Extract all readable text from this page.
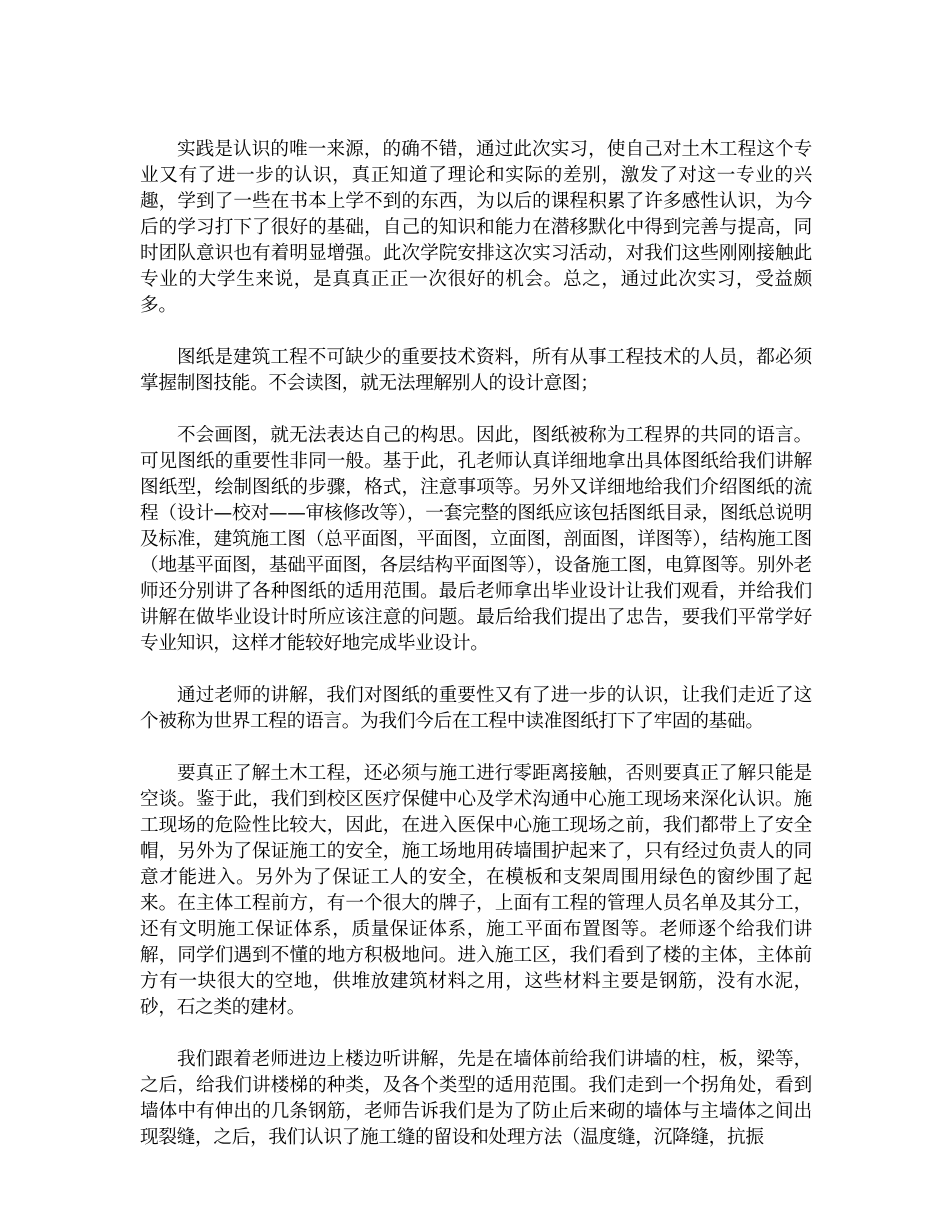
实践是认识的唯一来源，的确不错，通过此次实习，使自己对土木工程这个专业又有了进一步的认识，真正知道了理论和实际的差别，激发了对这一专业的兴趣，学到了一些在书本上学不到的东西，为以后的课程积累了许多感性认识，为今后的学习打下了很好的基础，自己的知识和能力在潜移默化中得到完善与提高，同时团队意识也有着明显增强。此次学院安排这次实习活动，对我们这些刚刚接触此专业的大学生来说，是真真正正一次很好的机会。总之，通过此次实习，受益颇多。

图纸是建筑工程不可缺少的重要技术资料，所有从事工程技术的人员，都必须掌握制图技能。不会读图，就无法理解别人的设计意图；

不会画图，就无法表达自己的构思。因此，图纸被称为工程界的共同的语言。可见图纸的重要性非同一般。基于此，孔老师认真详细地拿出具体图纸给我们讲解图纸型，绘制图纸的步骤，格式，注意事项等。另外又详细地给我们介绍图纸的流程（设计—校对——审核修改等），一套完整的图纸应该包括图纸目录，图纸总说明及标准，建筑施工图（总平面图，平面图，立面图，剖面图，详图等），结构施工图（地基平面图，基础平面图，各层结构平面图等），设备施工图，电算图等。别外老师还分别讲了各种图纸的适用范围。最后老师拿出毕业设计让我们观看，并给我们讲解在做毕业设计时所应该注意的问题。最后给我们提出了忠告，要我们平常学好专业知识，这样才能较好地完成毕业设计。

通过老师的讲解，我们对图纸的重要性又有了进一步的认识，让我们走近了这个被称为世界工程的语言。为我们今后在工程中读准图纸打下了牢固的基础。

要真正了解土木工程，还必须与施工进行零距离接触，否则要真正了解只能是空谈。鉴于此，我们到校区医疗保健中心及学术沟通中心施工现场来深化认识。施工现场的危险性比较大，因此，在进入医保中心施工现场之前，我们都带上了安全帽，另外为了保证施工的安全，施工场地用砖墙围护起来了，只有经过负责人的同意才能进入。另外为了保证工人的安全，在模板和支架周围用绿色的窗纱围了起来。在主体工程前方，有一个很大的牌子，上面有工程的管理人员名单及其分工，还有文明施工保证体系，质量保证体系，施工平面布置图等。老师逐个给我们讲解，同学们遇到不懂的地方积极地问。进入施工区，我们看到了楼的主体，主体前方有一块很大的空地，供堆放建筑材料之用，这些材料主要是钢筋，没有水泥，砂，石之类的建材。

我们跟着老师进边上楼边听讲解，先是在墙体前给我们讲墙的柱，板，梁等，之后，给我们讲楼梯的种类，及各个类型的适用范围。我们走到一个拐角处，看到墙体中有伸出的几条钢筋，老师告诉我们是为了防止后来砌的墙体与主墙体之间出现裂缝，之后，我们认识了施工缝的留设和处理方法（温度缝，沉降缝，抗振
